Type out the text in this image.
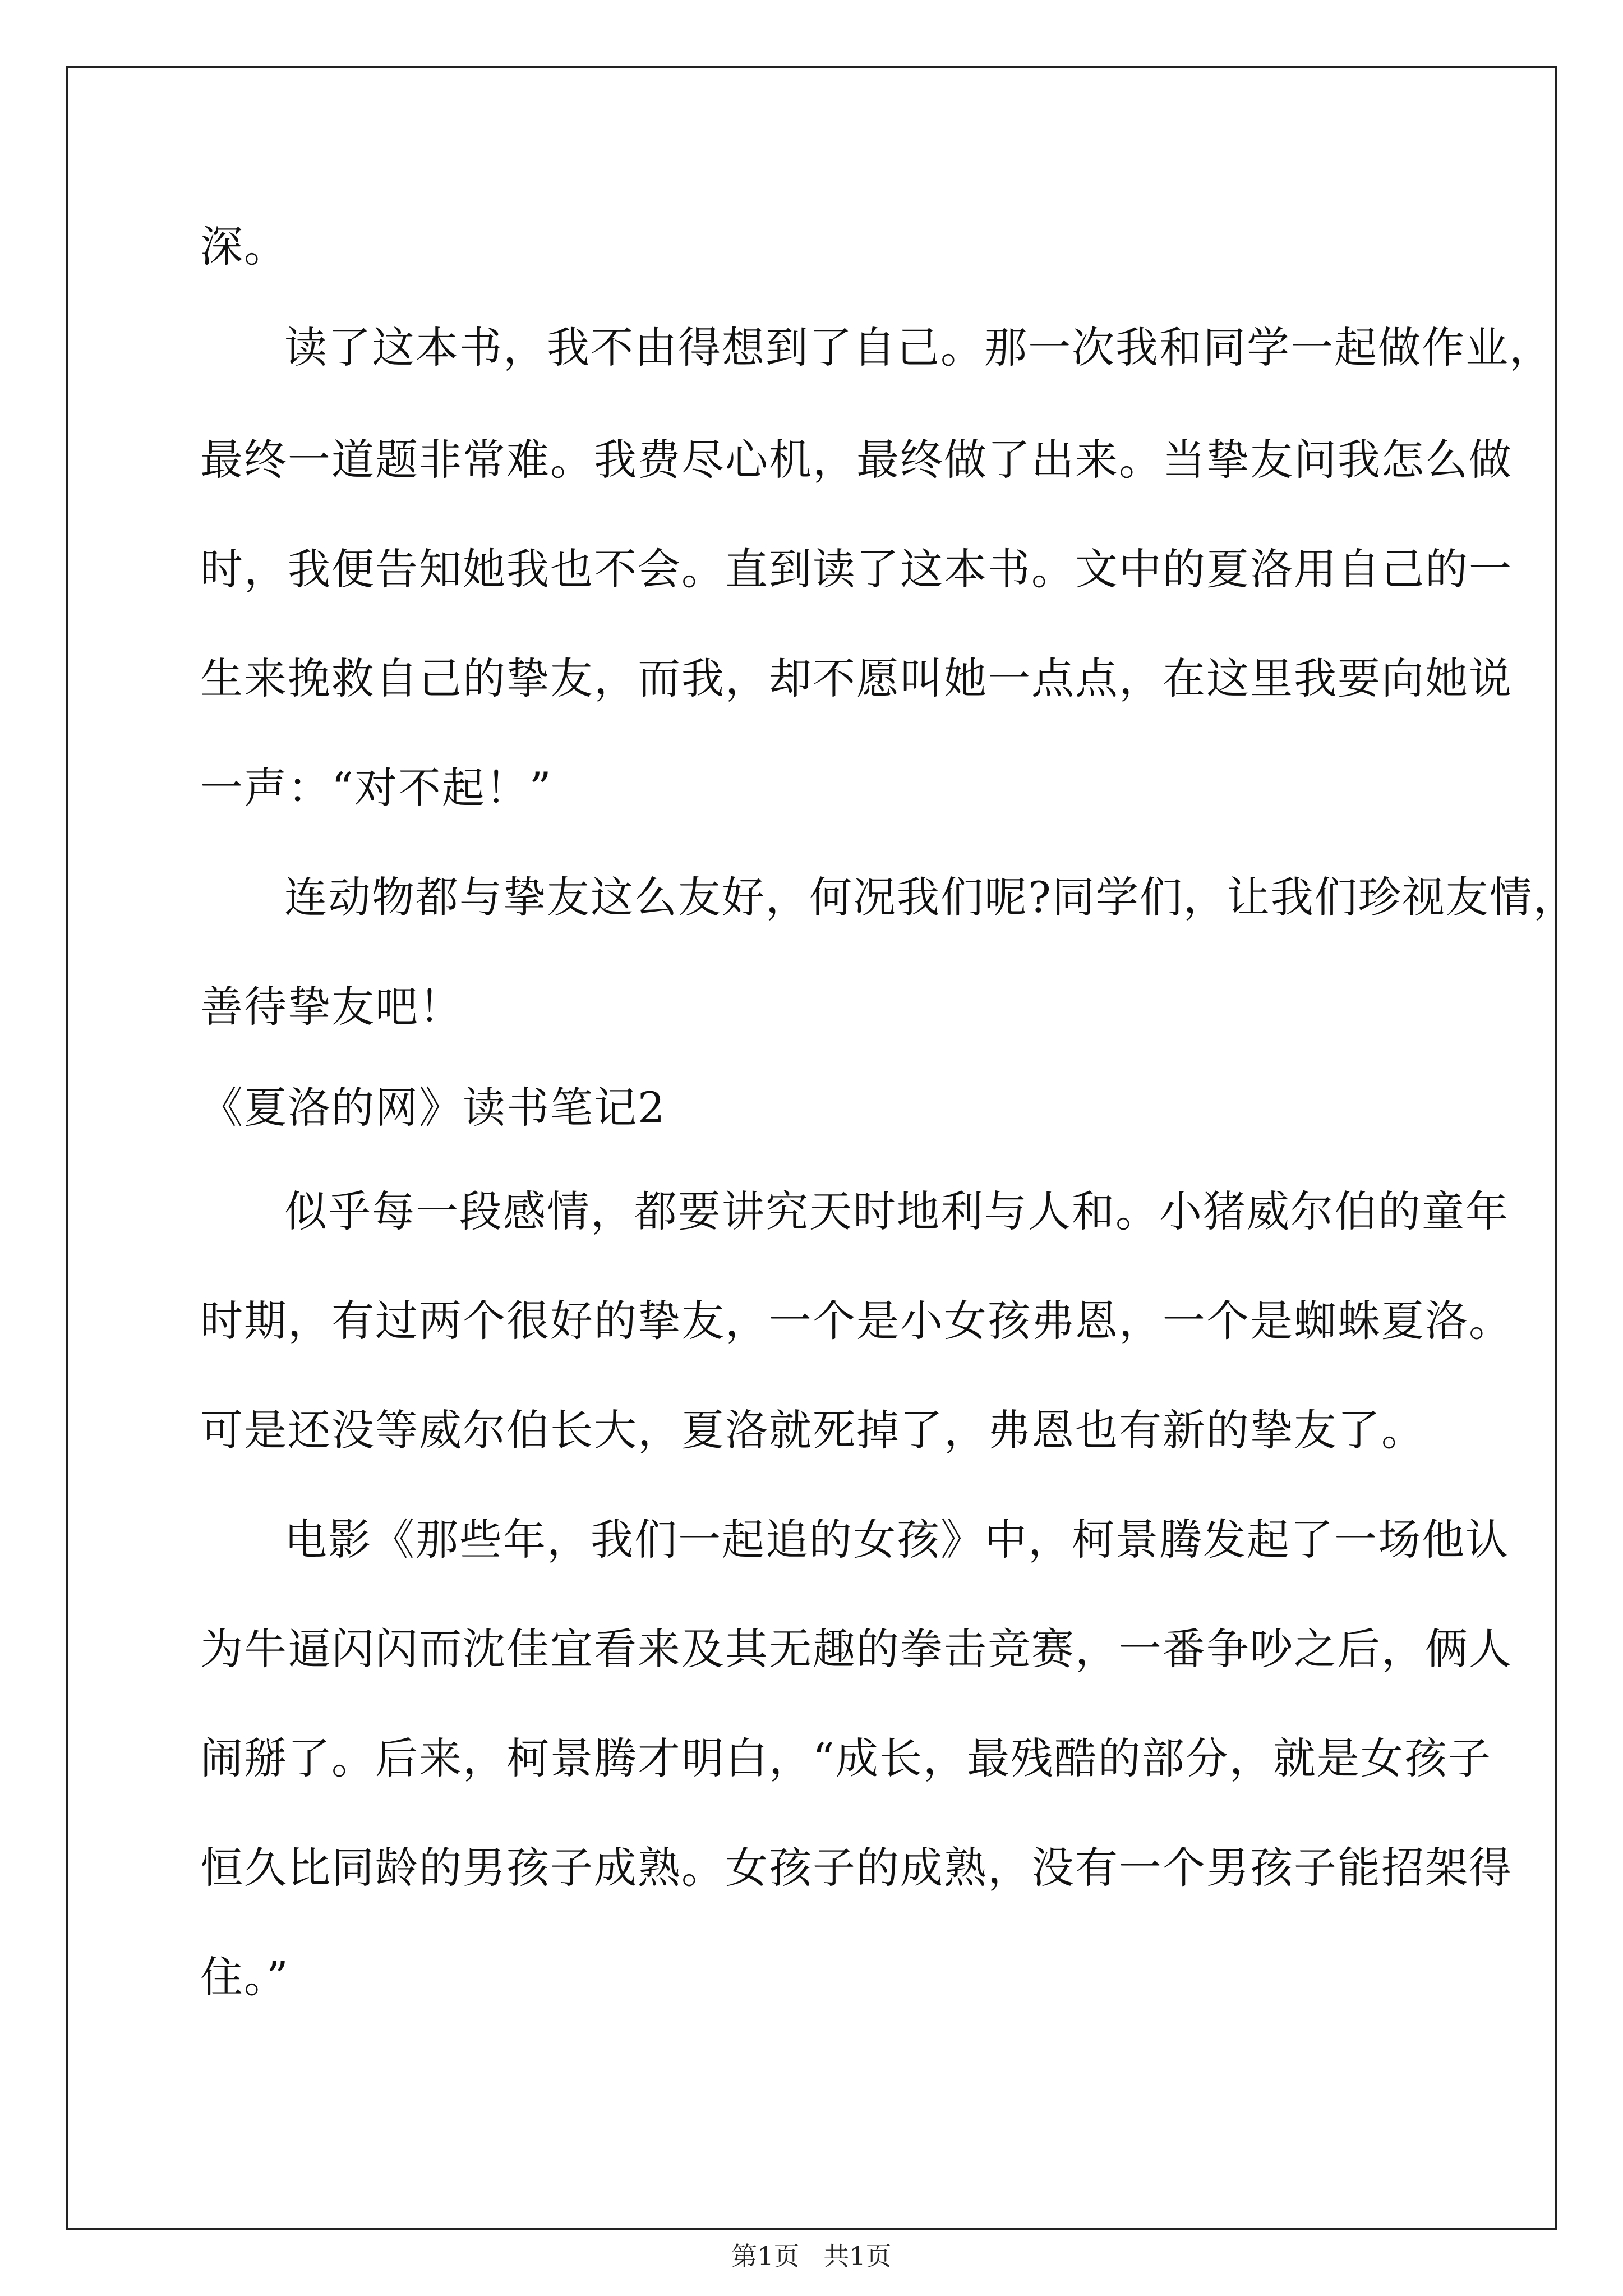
深。
读了这本书，我不由得想到了自己。那一次我和同学一起做作业，
最终一道题非常难。我费尽心机，最终做了出来。当挚友问我怎么做
时，我便告知她我也不会。直到读了这本书。文中的夏洛用自己的一
生来挽救自己的挚友，而我，却不愿叫她一点点，在这里我要向她说
一声：“对不起！”
连动物都与挚友这么友好，何况我们呢?同学们，让我们珍视友情，
善待挚友吧！
《夏洛的网》读书笔记2
似乎每一段感情，都要讲究天时地利与人和。小猪威尔伯的童年
时期，有过两个很好的挚友，一个是小女孩弗恩，一个是蜘蛛夏洛。
可是还没等威尔伯长大，夏洛就死掉了，弗恩也有新的挚友了。
电影《那些年，我们一起追的女孩》中，柯景腾发起了一场他认
为牛逼闪闪而沈佳宜看来及其无趣的拳击竞赛，一番争吵之后，俩人
闹掰了。后来，柯景腾才明白，“成长，最残酷的部分，就是女孩子
恒久比同龄的男孩子成熟。女孩子的成熟，没有一个男孩子能招架得
住。”
第1页 共1页
